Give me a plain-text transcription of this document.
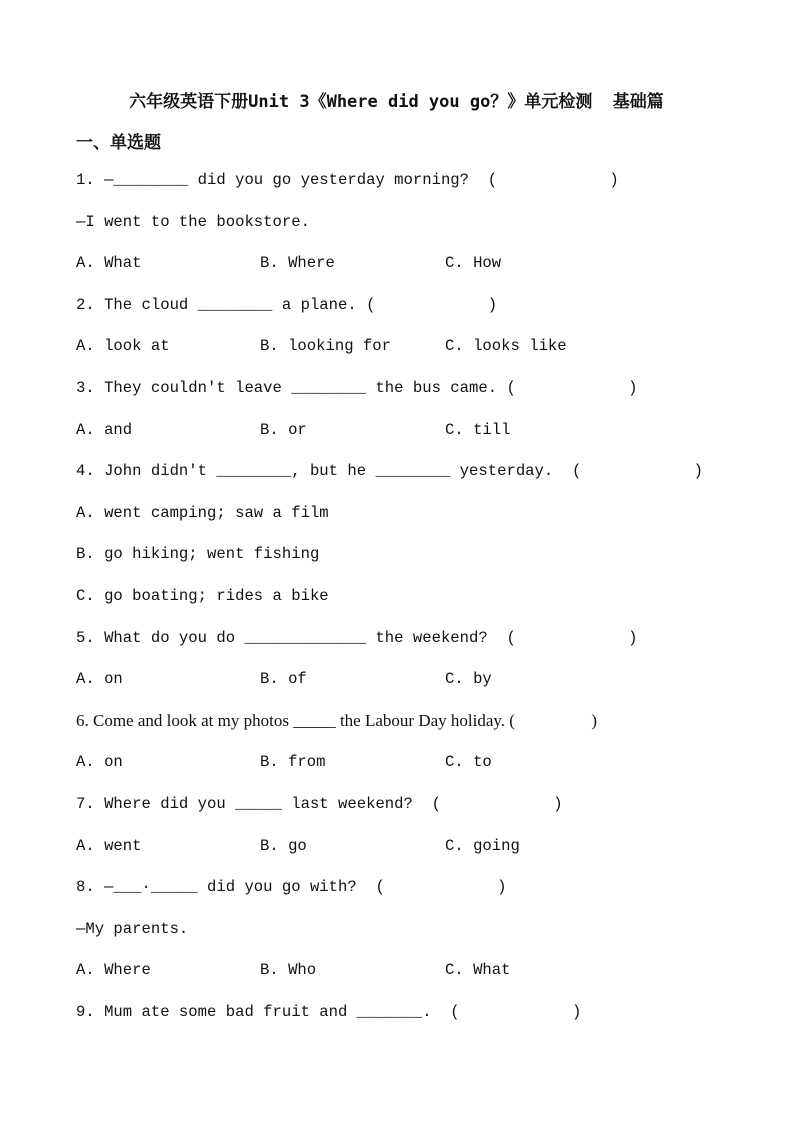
六年级英语下册Unit 3《Where did you go？》单元检测  基础篇
一、单选题
1. —________ did you go yesterday morning?  (            )
—I went to the bookstore.
A. What	B. Where	C. How
2. The cloud ________ a plane. (            )
A. look at	B. looking for	C. looks like
3. They couldn't leave ________ the bus came. (            )
A. and	B. or	C. till
4. John didn't ________, but he ________ yesterday.  (            )
A. went camping; saw a film
B. go hiking; went fishing
C. go boating; rides a bike
5. What do you do _____________ the weekend?  (            )
A. on	B. of	C. by
6. Come and look at my photos _____ the Labour Day holiday. (                  )
A. on	B. from	C. to
7. Where did you _____ last weekend?  (            )
A. went	B. go	C. going
8. —___·_____ did you go with?  (            )
—My parents.
A. Where	B. Who	C. What
9. Mum ate some bad fruit and _______.  (            )
